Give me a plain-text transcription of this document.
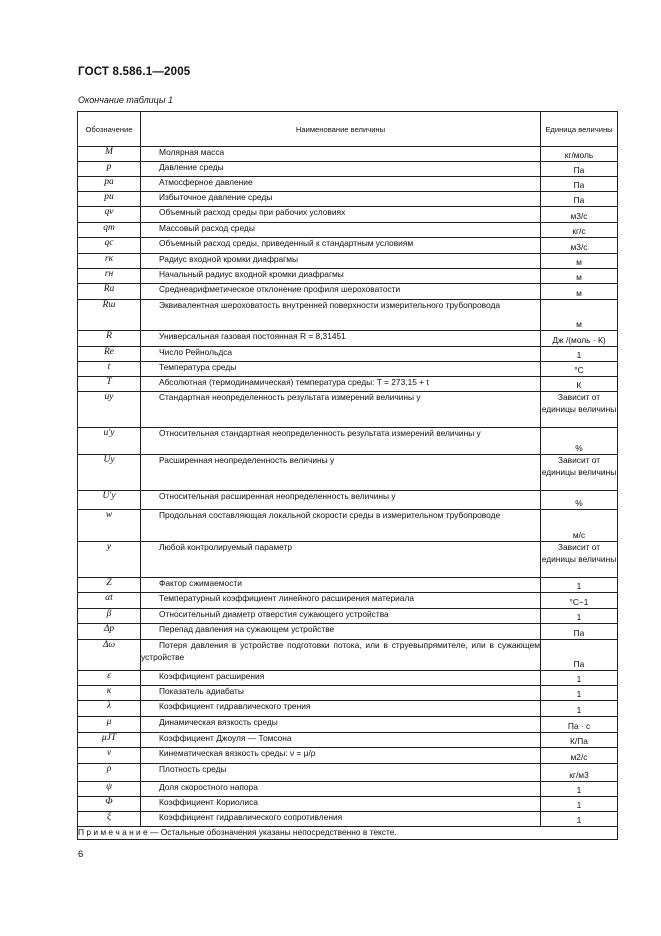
ГОСТ 8.586.1—2005
Окончание таблицы 1
Обозначение	Наименование величины	Единица величины
M	Молярная масса	кг/моль
p	Давление среды	Па
pa	Атмосферное давление	Па
pи	Избыточное давление среды	Па
qv	Объемный расход среды при рабочих условиях	м3/с
qm	Массовый расход среды	кг/с
qc	Объемный расход среды, приведенный к стандартным условиям	м3/с
rк	Радиус входной кромки диафрагмы	м
rн	Начальный радиус входной кромки диафрагмы	м
Ra	Среднеарифметическое отклонение профиля шероховатости	м
Rш	Эквивалентная шероховатость внутренней поверхности измерительного трубопровода	м
R	Универсальная газовая постоянная R = 8,31451	Дж /(моль · К)
Re	Число Рейнольдса	1
t	Температура среды	°С
T	Абсолютная (термодинамическая) температура среды: T = 273,15 + t	К
uy	Стандартная неопределенность результата измерений величины y	Зависит от единицы величины
u'y	Относительная стандартная неопределенность результата измерений величины y	%
Uy	Расширенная неопределенность величины y	Зависит от единицы величины
U'y	Относительная расширенная неопределенность величины y	%
w	Продольная составляющая локальной скорости среды в измерительном трубопроводе	м/с
y	Любой контролируемый параметр	Зависит от единицы величины
Z	Фактор сжимаемости	1
αt	Температурный коэффициент линейного расширения материала	°С−1
β	Относительный диаметр отверстия сужающего устройства	1
Δp	Перепад давления на сужающем устройстве	Па
Δω	Потеря давления в устройстве подготовки потока, или в струевыпрямителе, или в сужающем устройстве	Па
ε	Коэффициент расширения	1
κ	Показатель адиабаты	1
λ	Коэффициент гидравлического трения	1
μ	Динамическая вязкость среды	Па · с
μJT	Коэффициент Джоуля — Томсона	К/Па
ν	Кинематическая вязкость среды: ν = μ/ρ	м2/с
ρ	Плотность среды	кг/м3
ψ	Доля скоростного напора	1
Φ	Коэффициент Кориолиса	1
ξ	Коэффициент гидравлического сопротивления	1
П р и м е ч а н и е — Остальные обозначения указаны непосредственно в тексте.		
6
